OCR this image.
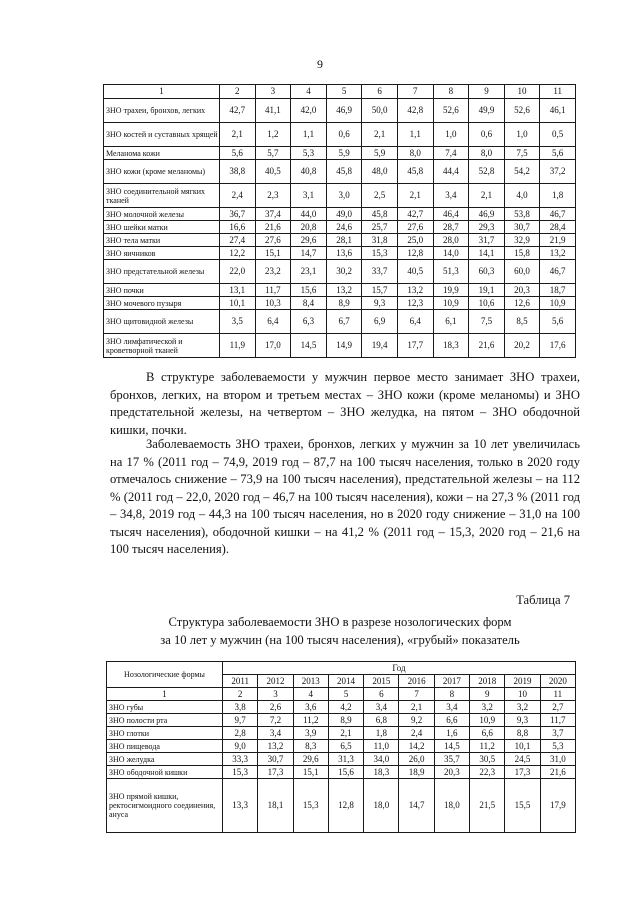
9
1	2	3	4	5	6	7	8	9	10	11
ЗНО трахеи, бронхов, легких	42,7	41,1	42,0	46,9	50,0	42,8	52,6	49,9	52,6	46,1
ЗНО костей и суставных хрящей	2,1	1,2	1,1	0,6	2,1	1,1	1,0	0,6	1,0	0,5
Меланома кожи	5,6	5,7	5,3	5,9	5,9	8,0	7,4	8,0	7,5	5,6
ЗНО кожи (кроме меланомы)	38,8	40,5	40,8	45,8	48,0	45,8	44,4	52,8	54,2	37,2
ЗНО соединительной мягких тканей	2,4	2,3	3,1	3,0	2,5	2,1	3,4	2,1	4,0	1,8
ЗНО молочной железы	36,7	37,4	44,0	49,0	45,8	42,7	46,4	46,9	53,8	46,7
ЗНО шейки матки	16,6	21,6	20,8	24,6	25,7	27,6	28,7	29,3	30,7	28,4
ЗНО тела матки	27,4	27,6	29,6	28,1	31,8	25,0	28,0	31,7	32,9	21,9
ЗНО яичников	12,2	15,1	14,7	13,6	15,3	12,8	14,0	14,1	15,8	13,2
ЗНО предстательной железы	22,0	23,2	23,1	30,2	33,7	40,5	51,3	60,3	60,0	46,7
ЗНО почки	13,1	11,7	15,6	13,2	15,7	13,2	19,9	19,1	20,3	18,7
ЗНО мочевого пузыря	10,1	10,3	8,4	8,9	9,3	12,3	10,9	10,6	12,6	10,9
ЗНО щитовидной железы	3,5	6,4	6,3	6,7	6,9	6,4	6,1	7,5	8,5	5,6
ЗНО лимфатической и кроветворной тканей	11,9	17,0	14,5	14,9	19,4	17,7	18,3	21,6	20,2	17,6

В структуре заболеваемости у мужчин первое место занимает ЗНО трахеи, бронхов, легких, на втором и третьем местах – ЗНО кожи (кроме меланомы) и ЗНО предстательной железы, на четвертом – ЗНО желудка, на пятом – ЗНО ободочной кишки, почки.

Заболеваемость ЗНО трахеи, бронхов, легких у мужчин за 10 лет увеличилась на 17 % (2011 год – 74,9, 2019 год – 87,7 на 100 тысяч населения, только в 2020 году отмечалось снижение – 73,9 на 100 тысяч населения), предстательной железы – на 112 % (2011 год – 22,0, 2020 год – 46,7 на 100 тысяч населения), кожи – на 27,3 % (2011 год – 34,8, 2019 год – 44,3 на 100 тысяч населения, но в 2020 году снижение – 31,0 на 100 тысяч населения), ободочной кишки – на 41,2 % (2011 год – 15,3, 2020 год – 21,6 на 100 тысяч населения).

Таблица 7
Структура заболеваемости ЗНО в разрезе нозологических форм
за 10 лет у мужчин (на 100 тысяч населения), «грубый» показатель
Нозологические формы	Год									
	2011	2012	2013	2014	2015	2016	2017	2018	2019	2020
1	2	3	4	5	6	7	8	9	10	11
ЗНО губы	3,8	2,6	3,6	4,2	3,4	2,1	3,4	3,2	3,2	2,7
ЗНО полости рта	9,7	7,2	11,2	8,9	6,8	9,2	6,6	10,9	9,3	11,7
ЗНО глотки	2,8	3,4	3,9	2,1	1,8	2,4	1,6	6,6	8,8	3,7
ЗНО пищевода	9,0	13,2	8,3	6,5	11,0	14,2	14,5	11,2	10,1	5,3
ЗНО желудка	33,3	30,7	29,6	31,3	34,0	26,0	35,7	30,5	24,5	31,0
ЗНО ободочной кишки	15,3	17,3	15,1	15,6	18,3	18,9	20,3	22,3	17,3	21,6
ЗНО прямой кишки, ректосигмоидного соединения, ануса	13,3	18,1	15,3	12,8	18,0	14,7	18,0	21,5	15,5	17,9
